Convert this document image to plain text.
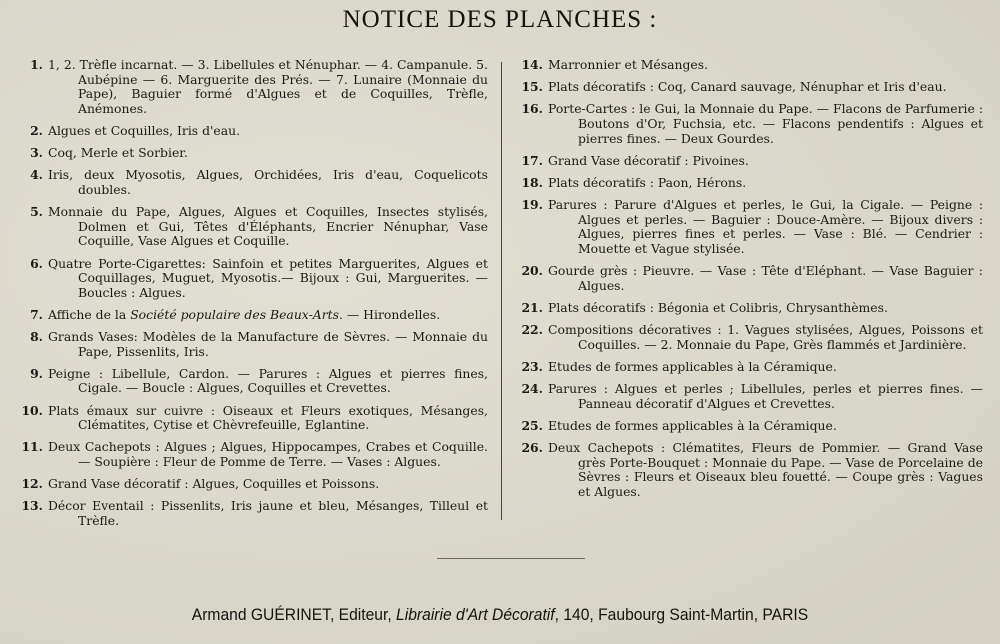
NOTICE DES PLANCHES :
1. 1, 2. Trèfle incarnat. — 3. Libellules et Nénuphar. — 4. Campanule. 5. Aubépine — 6. Marguerite des Prés. — 7. Lunaire (Monnaie du Pape), Baguier formé d'Algues et de Coquilles, Trèfle, Anémones.
2. Algues et Coquilles, Iris d'eau.
3. Coq, Merle et Sorbier.
4. Iris, deux Myosotis, Algues, Orchidées, Iris d'eau, Coquelicots doubles.
5. Monnaie du Pape, Algues, Algues et Coquilles, Insectes stylisés, Dolmen et Gui, Têtes d'Éléphants, Encrier Nénuphar, Vase Coquille, Vase Algues et Coquille.
6. Quatre Porte-Cigarettes: Sainfoin et petites Marguerites, Algues et Coquillages, Muguet, Myosotis.— Bijoux : Gui, Marguerites. — Boucles : Algues.
7. Affiche de la Société populaire des Beaux-Arts. — Hirondelles.
8. Grands Vases: Modèles de la Manufacture de Sèvres. — Monnaie du Pape, Pissenlits, Iris.
9. Peigne : Libellule, Cardon. — Parures : Algues et pierres fines, Cigale. — Boucle : Algues, Coquilles et Crevettes.
10. Plats émaux sur cuivre : Oiseaux et Fleurs exotiques, Mésanges, Clématites, Cytise et Chèvrefeuille, Eglantine.
11. Deux Cachepots : Algues ; Algues, Hippocampes, Crabes et Coquille. — Soupière : Fleur de Pomme de Terre. — Vases : Algues.
12. Grand Vase décoratif : Algues, Coquilles et Poissons.
13. Décor Eventail : Pissenlits, Iris jaune et bleu, Mésanges, Tilleul et Trèfle.
14. Marronnier et Mésanges.
15. Plats décoratifs : Coq, Canard sauvage, Nénuphar et Iris d'eau.
16. Porte-Cartes : le Gui, la Monnaie du Pape. — Flacons de Parfumerie : Boutons d'Or, Fuchsia, etc. — Flacons pendentifs : Algues et pierres fines. — Deux Gourdes.
17. Grand Vase décoratif : Pivoines.
18. Plats décoratifs : Paon, Hérons.
19. Parures : Parure d'Algues et perles, le Gui, la Cigale. — Peigne : Algues et perles. — Baguier : Douce-Amère. — Bijoux divers : Algues, pierres fines et perles. — Vase : Blé. — Cendrier : Mouette et Vague stylisée.
20. Gourde grès : Pieuvre. — Vase : Tête d'Eléphant. — Vase Baguier : Algues.
21. Plats décoratifs : Bégonia et Colibris, Chrysanthèmes.
22. Compositions décoratives : 1. Vagues stylisées, Algues, Poissons et Coquilles. — 2. Monnaie du Pape, Grès flammés et Jardinière.
23. Etudes de formes applicables à la Céramique.
24. Parures : Algues et perles ; Libellules, perles et pierres fines. — Panneau décoratif d'Algues et Crevettes.
25. Etudes de formes applicables à la Céramique.
26. Deux Cachepots : Clématites, Fleurs de Pommier. — Grand Vase grès Porte-Bouquet : Monnaie du Pape. — Vase de Porcelaine de Sèvres : Fleurs et Oiseaux bleu fouetté. — Coupe grès : Vagues et Algues.
Armand GUÉRINET, Editeur, Librairie d'Art Décoratif, 140, Faubourg Saint-Martin, PARIS
